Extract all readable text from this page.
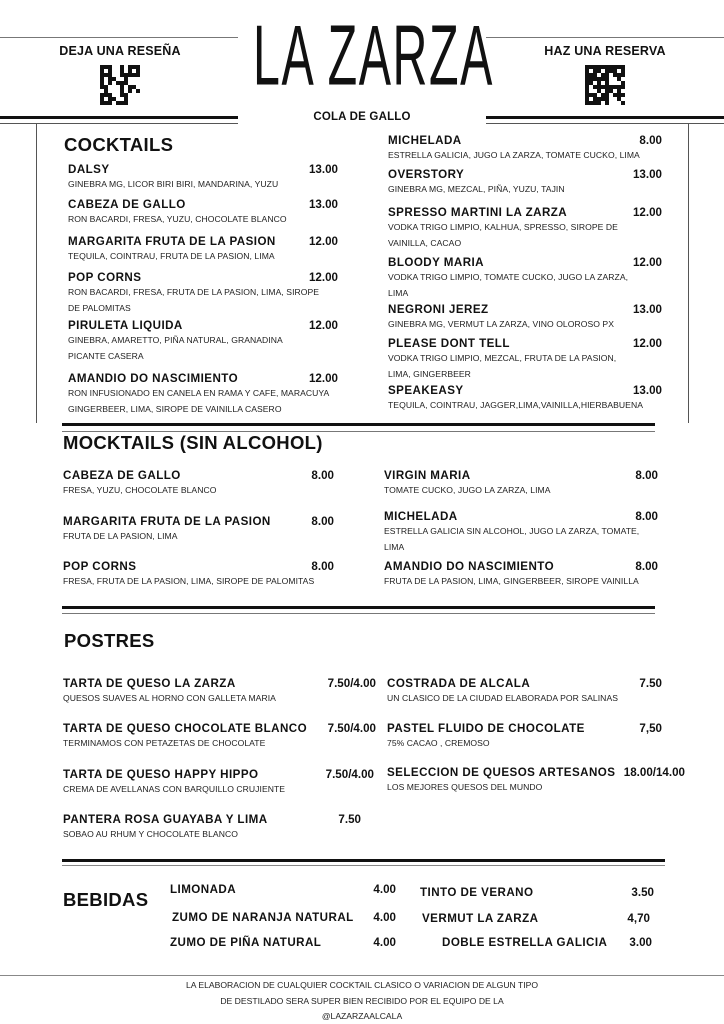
DEJA UNA RESEÑA LA ZARZA
COLA DE GALLO
HAZ UNA RESERVA
COCKTAILS
MOCKTAILS (SIN ALCOHOL)
POSTRES
BEBIDAS
LA ELABORACION DE CUALQUIER COCKTAIL CLASICO O VARIACION DE ALGUN TIPO
DE DESTILADO SERA SUPER BIEN RECIBIDO POR EL EQUIPO DE LA
@LAZARZAALCALA
DALSY	13.00
GINEBRA MG, LICOR BIRI BIRI, MANDARINA, YUZU
CABEZA DE GALLO	13.00
RON BACARDI, FRESA, YUZU, CHOCOLATE BLANCO
MARGARITA FRUTA DE LA PASION	12.00
TEQUILA, COINTRAU, FRUTA DE LA PASION, LIMA
POP CORNS	12.00
RON BACARDI, FRESA, FRUTA DE LA PASION, LIMA, SIROPE
DE PALOMITAS
PIRULETA LIQUIDA	12.00
GINEBRA, AMARETTO, PIÑA NATURAL, GRANADINA
PICANTE CASERA
AMANDIO DO NASCIMIENTO	12.00
RON INFUSIONADO EN CANELA EN RAMA Y CAFE, MARACUYA
GINGERBEER, LIMA, SIROPE DE VAINILLA CASERO
MICHELADA	8.00
ESTRELLA GALICIA, JUGO LA ZARZA, TOMATE CUCKO, LIMA
OVERSTORY	13.00
GINEBRA MG, MEZCAL, PIÑA, YUZU, TAJIN
SPRESSO MARTINI LA ZARZA	12.00
VODKA TRIGO LIMPIO, KALHUA, SPRESSO, SIROPE DE
VAINILLA, CACAO
BLOODY MARIA	12.00
VODKA TRIGO LIMPIO, TOMATE CUCKO, JUGO LA ZARZA,
LIMA
NEGRONI JEREZ	13.00
GINEBRA MG, VERMUT LA ZARZA, VINO OLOROSO PX
PLEASE DONT TELL	12.00
VODKA TRIGO LIMPIO, MEZCAL, FRUTA DE LA PASION,
LIMA, GINGERBEER
SPEAKEASY	13.00
TEQUILA, COINTRAU, JAGGER,LIMA,VAINILLA,HIERBABUENA
CABEZA DE GALLO	8.00
FRESA, YUZU, CHOCOLATE BLANCO
MARGARITA FRUTA DE LA PASION	8.00
FRUTA DE LA PASION, LIMA
POP CORNS	8.00
FRESA, FRUTA DE LA PASION, LIMA, SIROPE DE PALOMITAS
VIRGIN MARIA	8.00
TOMATE CUCKO, JUGO LA ZARZA, LIMA
MICHELADA	8.00
ESTRELLA GALICIA SIN ALCOHOL, JUGO LA ZARZA, TOMATE,
LIMA
AMANDIO DO NASCIMIENTO	8.00
FRUTA DE LA PASION, LIMA, GINGERBEER, SIROPE VAINILLA
TARTA DE QUESO LA ZARZA	7.50/4.00
QUESOS SUAVES AL HORNO CON GALLETA MARIA
TARTA DE QUESO CHOCOLATE BLANCO 7.50/4.00
TERMINAMOS CON PETAZETAS DE CHOCOLATE
TARTA DE QUESO HAPPY HIPPO	7.50/4.00
CREMA DE AVELLANAS CON BARQUILLO CRUJIENTE
PANTERA ROSA GUAYABA Y LIMA	7.50
SOBAO AU RHUM Y CHOCOLATE BLANCO
COSTRADA DE ALCALA	7.50
UN CLASICO DE LA CIUDAD ELABORADA POR SALINAS
PASTEL FLUIDO DE CHOCOLATE	7,50
75% CACAO , CREMOSO
SELECCION DE QUESOS ARTESANOS 18.00/14.00
LOS MEJORES QUESOS DEL MUNDO
LIMONADA	4.00
ZUMO DE NARANJA NATURAL 4.00
ZUMO DE PIÑA NATURAL	4.00
TINTO DE VERANO	3.50
VERMUT LA ZARZA	4,70
DOBLE ESTRELLA GALICIA 3.00
